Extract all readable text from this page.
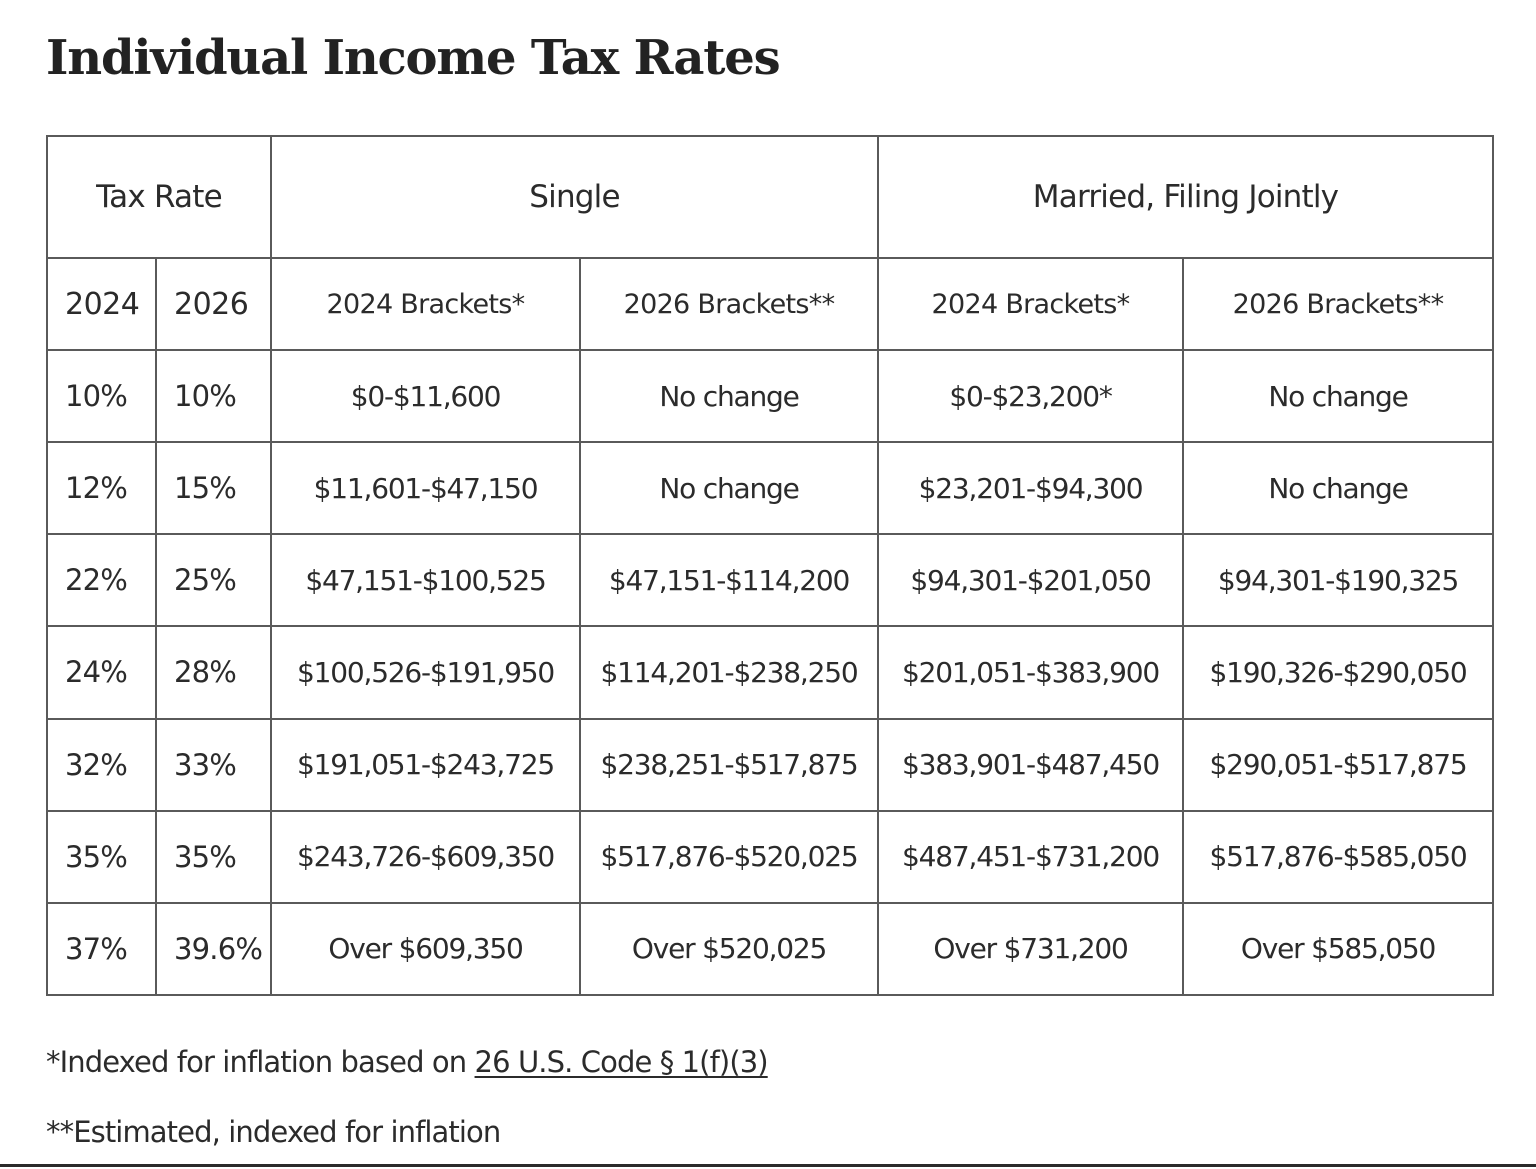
Individual Income Tax Rates
Tax Rate		Single		Married, Filing Jointly	
2024	2026	2024 Brackets*	2026 Brackets**	2024 Brackets*	2026 Brackets**
10%	10%	$0-$11,600	No change	$0-$23,200*	No change
12%	15%	$11,601-$47,150	No change	$23,201-$94,300	No change
22%	25%	$47,151-$100,525	$47,151-$114,200	$94,301-$201,050	$94,301-$190,325
24%	28%	$100,526-$191,950	$114,201-$238,250	$201,051-$383,900	$190,326-$290,050
32%	33%	$191,051-$243,725	$238,251-$517,875	$383,901-$487,450	$290,051-$517,875
35%	35%	$243,726-$609,350	$517,876-$520,025	$487,451-$731,200	$517,876-$585,050
37%	39.6%	Over $609,350	Over $520,025	Over $731,200	Over $585,050

*Indexed for inflation based on 26 U.S. Code § 1(f)(3)

**Estimated, indexed for inflation
